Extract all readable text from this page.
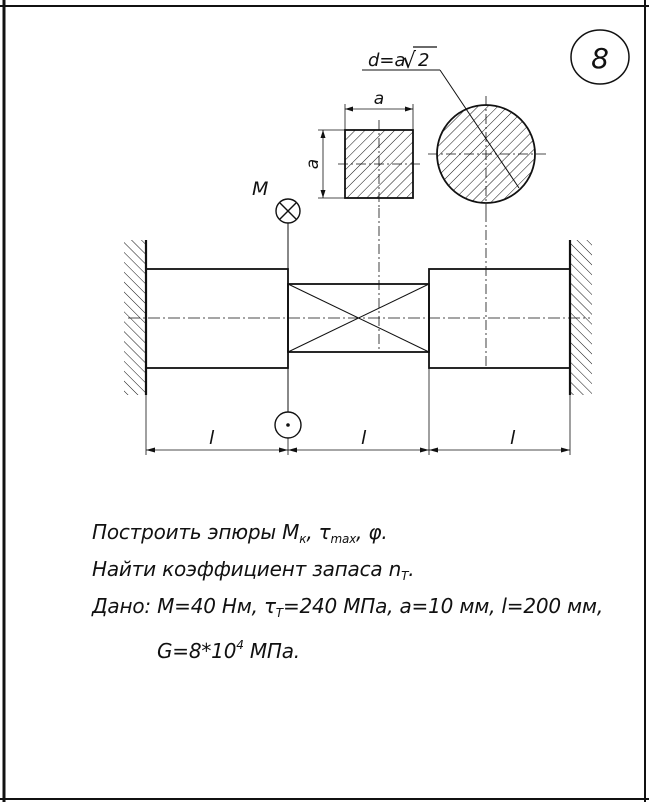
8
d=a
√ 2
a
a
M
l	l	l
Построить эпюры $M_к$, $\tau_{max}$, φ.
Найти коэффициент запаса $n_T$.
Дано: M=40 Нм, $\tau_T=240$ МПа, a=10 мм, l=200 мм,
$G=8*10^4$ МПа.
